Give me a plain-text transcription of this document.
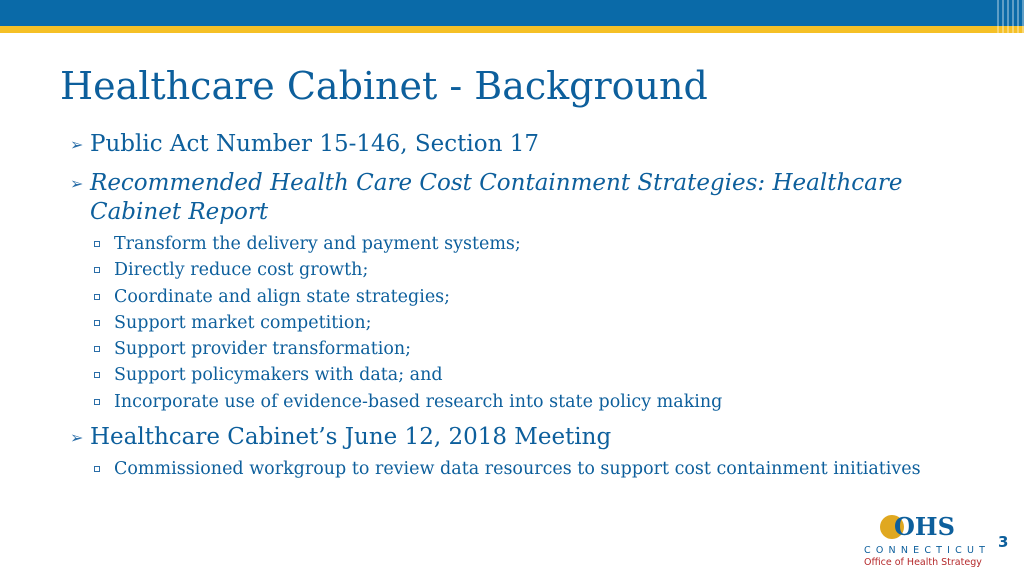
Healthcare Cabinet - Background
➢ Public Act Number 15-146, Section 17
➢ Recommended Health Care Cost Containment Strategies: Healthcare Cabinet Report
Transform the delivery and payment systems;
Directly reduce cost growth;
Coordinate and align state strategies;
Support market competition;
Support provider transformation;
Support policymakers with data; and
Incorporate use of evidence-based research into state policy making
➢ Healthcare Cabinet’s June 12, 2018 Meeting
Commissioned workgroup to review data resources to support cost containment initiatives
OHS
CONNECTICUT
Office of Health Strategy
3
